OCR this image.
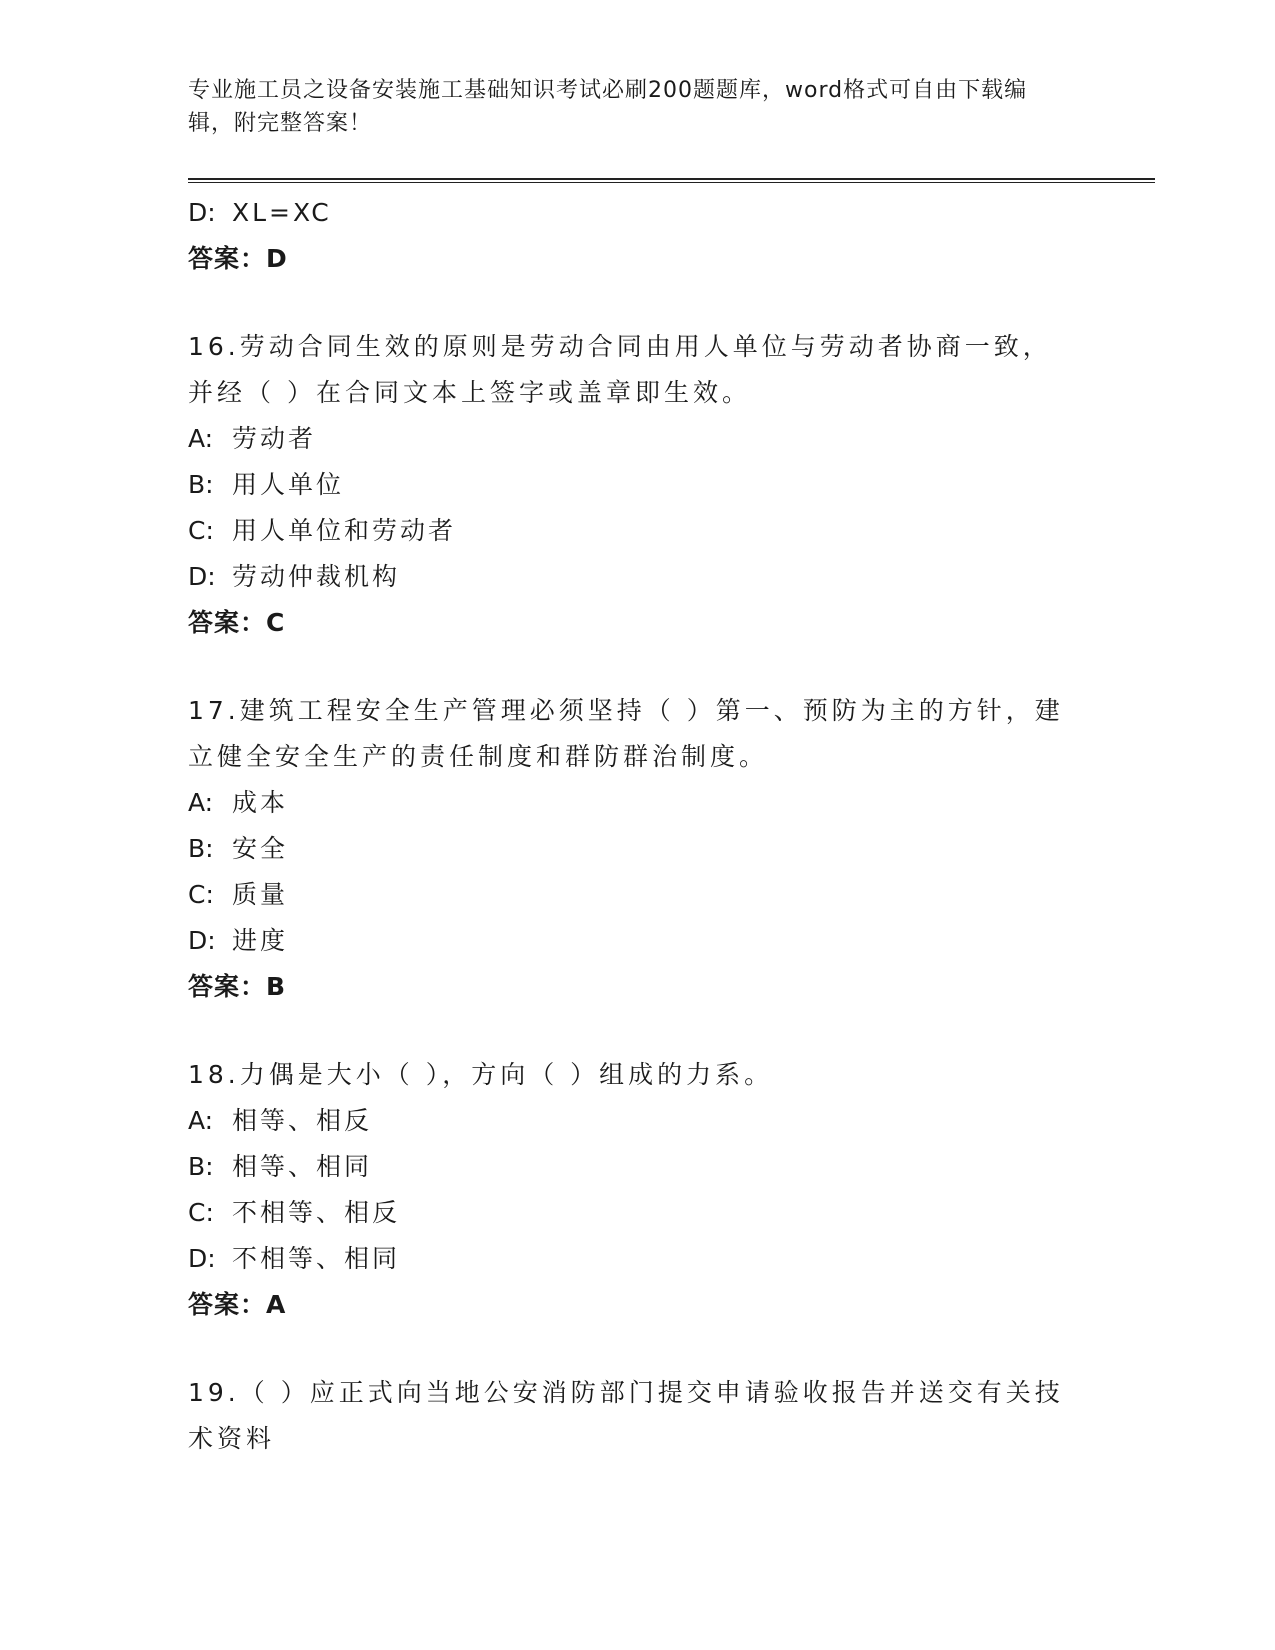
专业施工员之设备安装施工基础知识考试必刷200题题库，word格式可自由下载编辑，附完整答案！
D: XL=XC
答案：D
16.劳动合同生效的原则是劳动合同由用人单位与劳动者协商一致，并经（ ）在合同文本上签字或盖章即生效。
A: 劳动者
B: 用人单位
C: 用人单位和劳动者
D: 劳动仲裁机构
答案：C
17.建筑工程安全生产管理必须坚持（ ）第一、预防为主的方针，建立健全安全生产的责任制度和群防群治制度。
A: 成本
B: 安全
C: 质量
D: 进度
答案：B
18.力偶是大小（ ），方向（ ）组成的力系。
A: 相等、相反
B: 相等、相同
C: 不相等、相反
D: 不相等、相同
答案：A
19.（ ）应正式向当地公安消防部门提交申请验收报告并送交有关技术资料
